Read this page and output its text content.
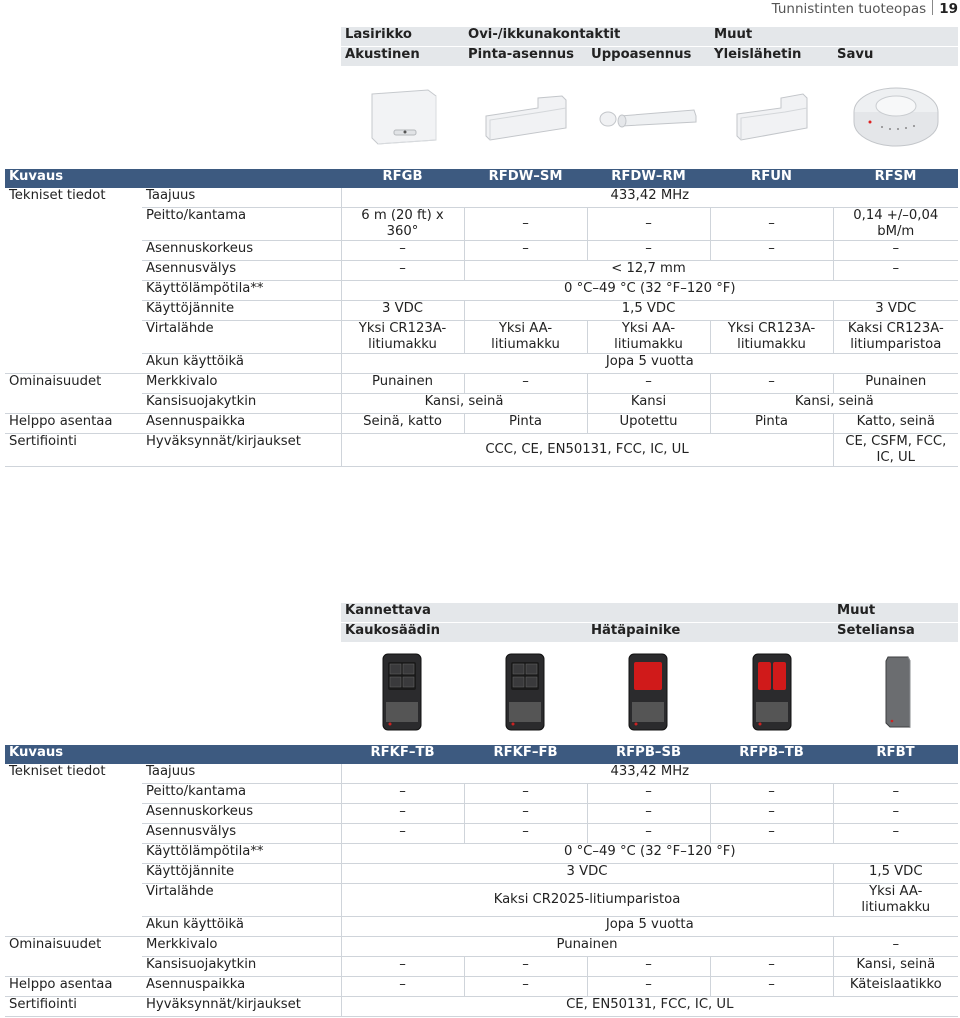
Tunnistinten tuoteopas 19
	Lasirikko	Ovi-/ikkunakontaktit		Muut	
	Akustinen	Pinta-asennus	Uppoasennus	Yleislähetin	Savu
Kuvaus		RFGB	RFDW–SM	RFDW–RM	RFUN	RFSM
Tekniset tiedot	Taajuus	433,42 MHz				
	Peitto/kantama	6 m (20 ft) x 360°	–	–	–	0,14 +/–0,04 bM/m
	Asennuskorkeus	–	–	–	–	–
	Asennusvälys	–	< 12,7 mm			–
	Käyttölämpötila**	0 °C–49 °C (32 °F–120 °F)				
	Käyttöjännite	3 VDC	1,5 VDC			3 VDC
	Virtalähde	Yksi CR123A-litiumakku	Yksi AA-litiumakku	Yksi AA-litiumakku	Yksi CR123A-litiumakku	Kaksi CR123A-litiumparistoa
	Akun käyttöikä	Jopa 5 vuotta				
Ominaisuudet	Merkkivalo	Punainen	–	–	–	Punainen
	Kansisuojakytkin	Kansi, seinä		Kansi	Kansi, seinä	
Helppo asentaa	Asennuspaikka	Seinä, katto	Pinta	Upotettu	Pinta	Katto, seinä
Sertifiointi	Hyväksynnät/kirjaukset	CCC, CE, EN50131, FCC, IC, UL				CE, CSFM, FCC, IC, UL
	Kannettava		Muut
	Kaukosäädin	Hätäpainike	Seteliansa
Kuvaus		RFKF–TB	RFKF–FB	RFPB–SB	RFPB–TB	RFBT
Tekniset tiedot	Taajuus	433,42 MHz				
	Peitto/kantama	–	–	–	–	–
	Asennuskorkeus	–	–	–	–	–
	Asennusvälys	–	–	–	–	–
	Käyttölämpötila**	0 °C–49 °C (32 °F–120 °F)				
	Käyttöjännite	3 VDC				1,5 VDC
	Virtalähde	Kaksi CR2025-litiumparistoa				Yksi AA-litiumakku
	Akun käyttöikä	Jopa 5 vuotta				
Ominaisuudet	Merkkivalo	Punainen				–
	Kansisuojakytkin	–	–	–	–	Kansi, seinä
Helppo asentaa	Asennuspaikka	–	–	–	–	Käteislaatikko
Sertifiointi	Hyväksynnät/kirjaukset	CE, EN50131, FCC, IC, UL				
